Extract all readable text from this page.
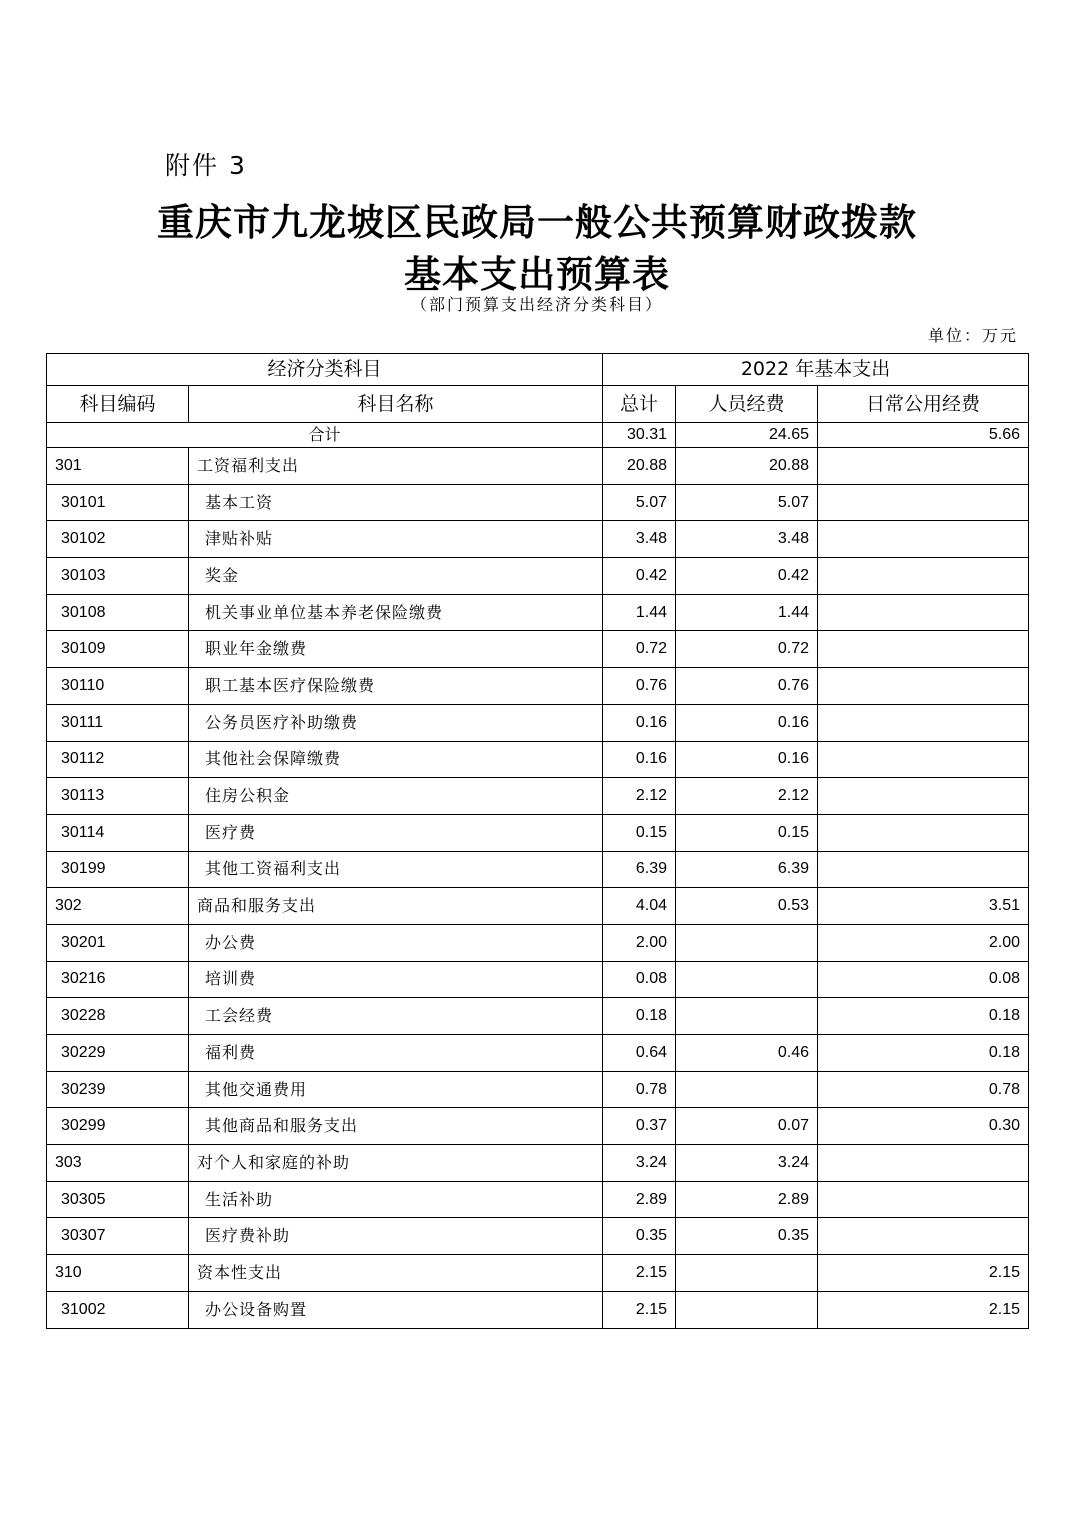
附件 3
重庆市九龙坡区民政局一般公共预算财政拨款
基本支出预算表
（部门预算支出经济分类科目）
单位：万元
经济分类科目		2022 年基本支出		
科目编码	科目名称	总计	人员经费	日常公用经费
合计		30.31	24.65	5.66
301	工资福利支出	20.88	20.88	
30101	基本工资	5.07	5.07	
30102	津贴补贴	3.48	3.48	
30103	奖金	0.42	0.42	
30108	机关事业单位基本养老保险缴费	1.44	1.44	
30109	职业年金缴费	0.72	0.72	
30110	职工基本医疗保险缴费	0.76	0.76	
30111	公务员医疗补助缴费	0.16	0.16	
30112	其他社会保障缴费	0.16	0.16	
30113	住房公积金	2.12	2.12	
30114	医疗费	0.15	0.15	
30199	其他工资福利支出	6.39	6.39	
302	商品和服务支出	4.04	0.53	3.51
30201	办公费	2.00		2.00
30216	培训费	0.08		0.08
30228	工会经费	0.18		0.18
30229	福利费	0.64	0.46	0.18
30239	其他交通费用	0.78		0.78
30299	其他商品和服务支出	0.37	0.07	0.30
303	对个人和家庭的补助	3.24	3.24	
30305	生活补助	2.89	2.89	
30307	医疗费补助	0.35	0.35	
310	资本性支出	2.15		2.15
31002	办公设备购置	2.15		2.15
